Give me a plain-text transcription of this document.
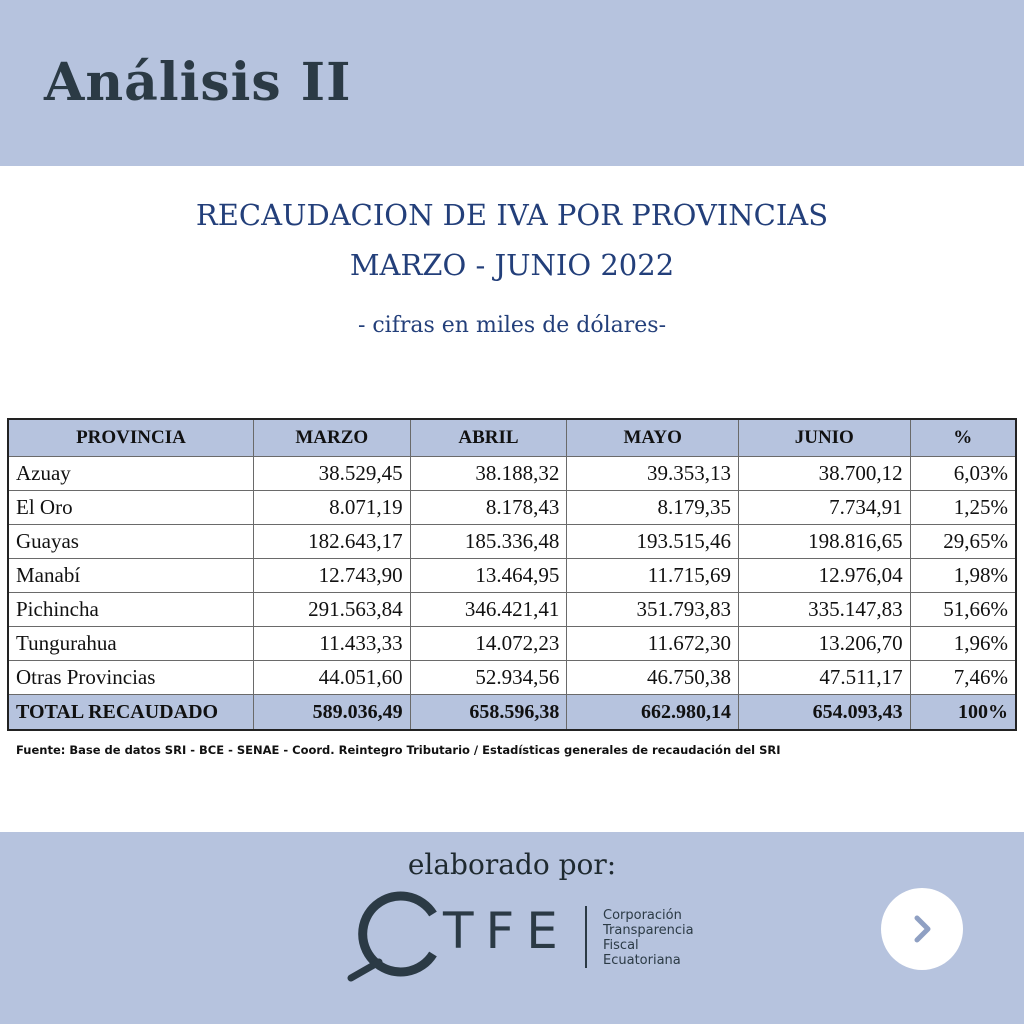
Análisis II
RECAUDACION DE IVA POR PROVINCIAS
MARZO - JUNIO 2022
- cifras en miles de dólares-
PROVINCIA	MARZO	ABRIL	MAYO	JUNIO	%
Azuay	38.529,45	38.188,32	39.353,13	38.700,12	6,03%
El Oro	8.071,19	8.178,43	8.179,35	7.734,91	1,25%
Guayas	182.643,17	185.336,48	193.515,46	198.816,65	29,65%
Manabí	12.743,90	13.464,95	11.715,69	12.976,04	1,98%
Pichincha	291.563,84	346.421,41	351.793,83	335.147,83	51,66%
Tungurahua	11.433,33	14.072,23	11.672,30	13.206,70	1,96%
Otras Provincias	44.051,60	52.934,56	46.750,38	47.511,17	7,46%
TOTAL RECAUDADO	589.036,49	658.596,38	662.980,14	654.093,43	100%
Fuente: Base de datos SRI - BCE - SENAE - Coord. Reintegro Tributario / Estadísticas generales de recaudación del SRI
elaborado por:
TFE	Corporación
Transparencia
Fiscal
Ecuatoriana
